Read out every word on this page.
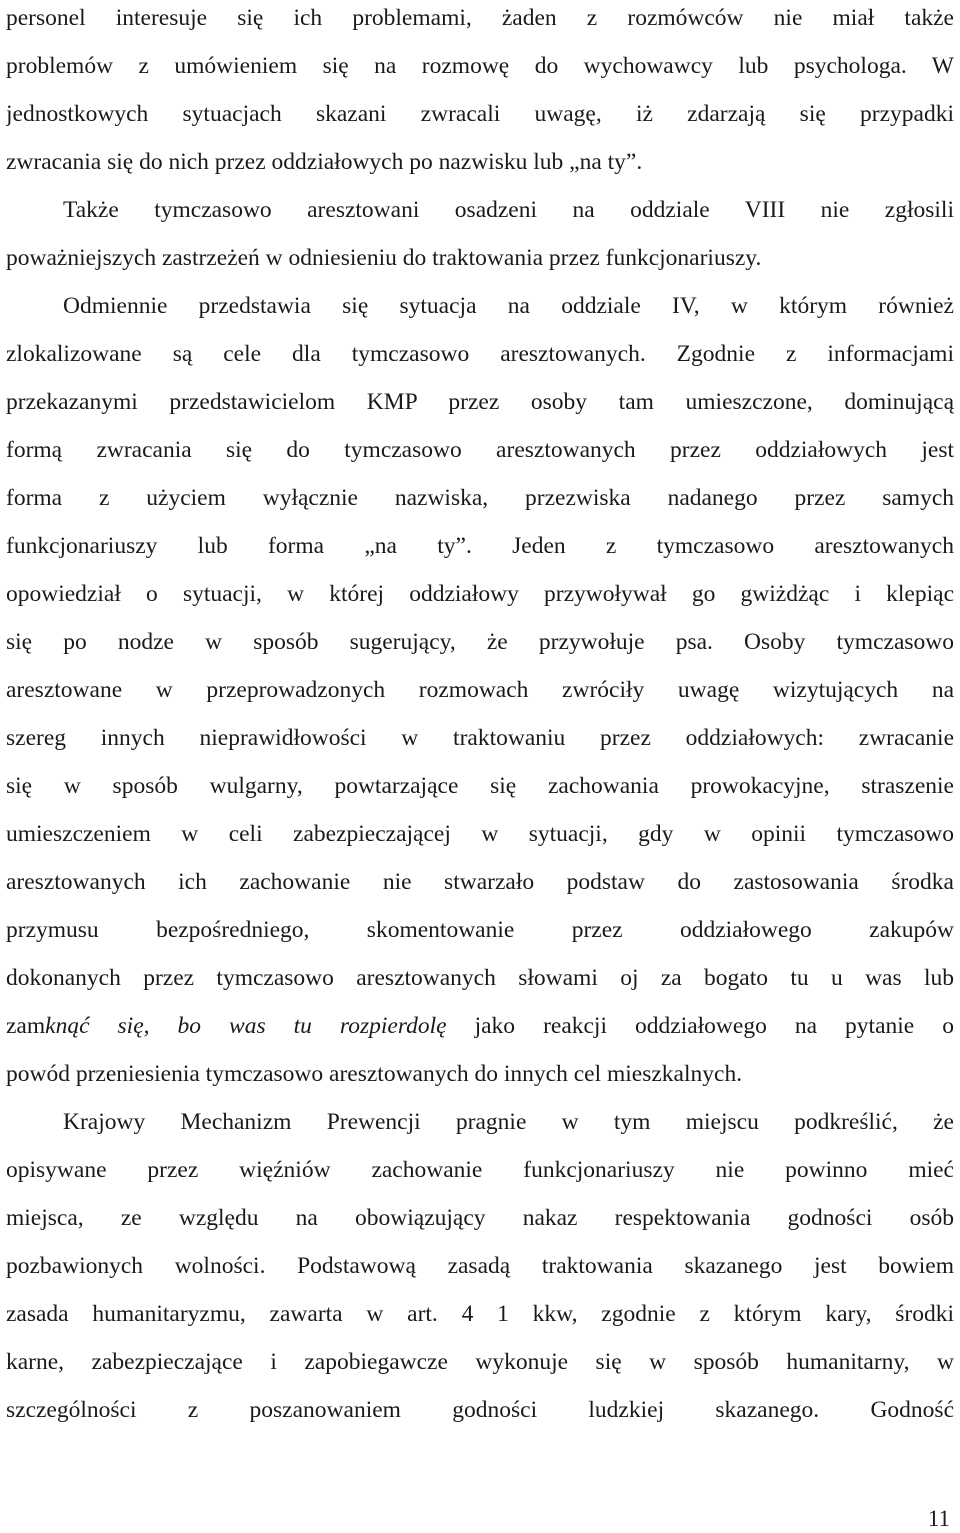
personel interesuje się ich problemami, żaden z rozmówców nie miał także
problemów z umówieniem się na rozmowę do wychowawcy lub psychologa. W
jednostkowych sytuacjach skazani zwracali uwagę, iż zdarzają się przypadki
zwracania się do nich przez oddziałowych po nazwisku lub „na ty”.
Także tymczasowo aresztowani osadzeni na oddziale VIII nie zgłosili
poważniejszych zastrzeżeń w odniesieniu do traktowania przez funkcjonariuszy.
Odmiennie przedstawia się sytuacja na oddziale IV, w którym również
zlokalizowane są cele dla tymczasowo aresztowanych. Zgodnie z informacjami
przekazanymi przedstawicielom KMP przez osoby tam umieszczone, dominującą
formą zwracania się do tymczasowo aresztowanych przez oddziałowych jest
forma z użyciem wyłącznie nazwiska, przezwiska nadanego przez samych
funkcjonariuszy lub forma „na ty”. Jeden z tymczasowo aresztowanych
opowiedział o sytuacji, w której oddziałowy przywoływał go gwiżdżąc i klepiąc
się po nodze w sposób sugerujący, że przywołuje psa. Osoby tymczasowo
aresztowane w przeprowadzonych rozmowach zwróciły uwagę wizytujących na
szereg innych nieprawidłowości w traktowaniu przez oddziałowych: zwracanie
się w sposób wulgarny, powtarzające się zachowania prowokacyjne, straszenie
umieszczeniem w celi zabezpieczającej w sytuacji, gdy w opinii tymczasowo
aresztowanych ich zachowanie nie stwarzało podstaw do zastosowania środka
przymusu bezpośredniego, skomentowanie przez oddziałowego zakupów
dokonanych przez tymczasowo aresztowanych słowami oj za bogato tu u was lub
zamknąć się, bo was tu rozpierdolę jako reakcji oddziałowego na pytanie o
powód przeniesienia tymczasowo aresztowanych do innych cel mieszkalnych.
Krajowy Mechanizm Prewencji pragnie w tym miejscu podkreślić, że
opisywane przez więźniów zachowanie funkcjonariuszy nie powinno mieć
miejsca, ze względu na obowiązujący nakaz respektowania godności osób
pozbawionych wolności. Podstawową zasadą traktowania skazanego jest bowiem
zasada humanitaryzmu, zawarta w art. 4 1 kkw, zgodnie z którym kary, środki
karne, zabezpieczające i zapobiegawcze wykonuje się w sposób humanitarny, w
szczególności z poszanowaniem godności ludzkiej skazanego. Godność
11
